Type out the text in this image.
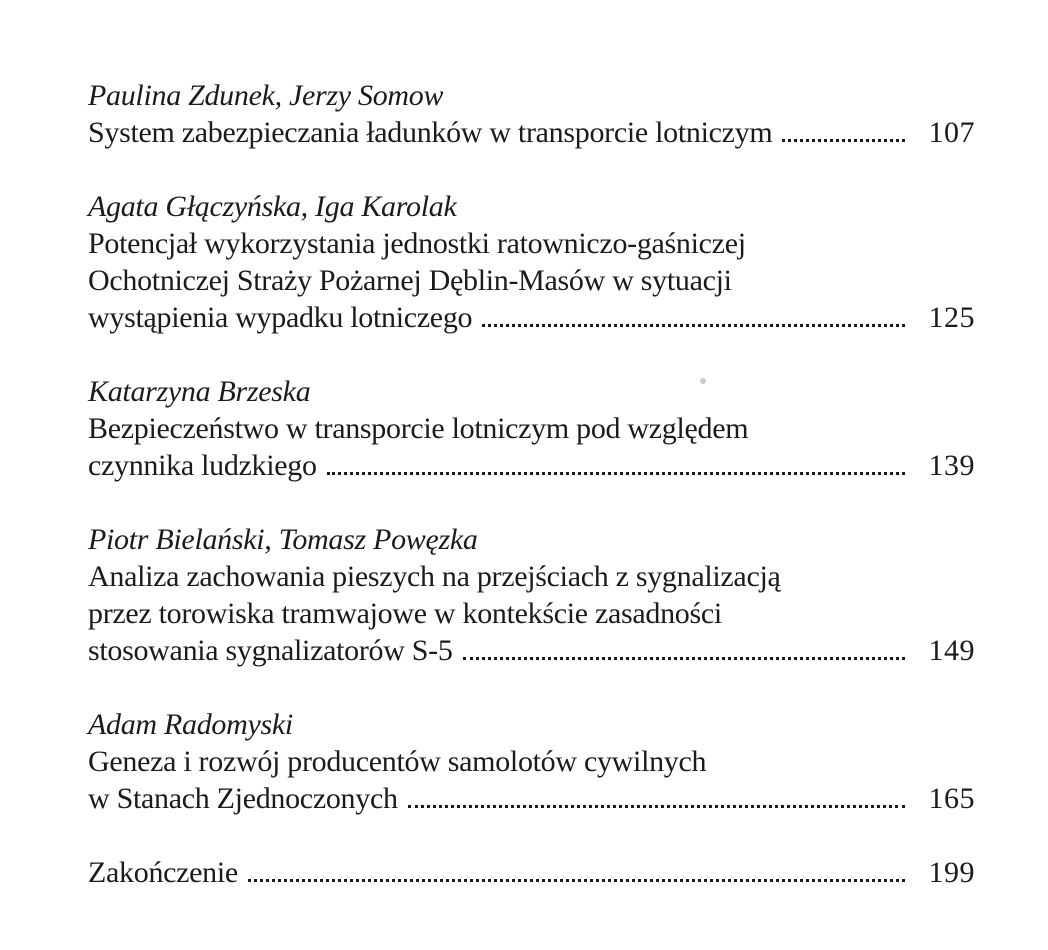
Paulina Zdunek, Jerzy Somow
System zabezpieczania ładunków w transporcie lotniczym	107
Agata Głączyńska, Iga Karolak
Potencjał wykorzystania jednostki ratowniczo-gaśniczej
Ochotniczej Straży Pożarnej Dęblin-Masów w sytuacji
wystąpienia wypadku lotniczego	125
Katarzyna Brzeska
Bezpieczeństwo w transporcie lotniczym pod względem
czynnika ludzkiego	139
Piotr Bielański, Tomasz Powęzka
Analiza zachowania pieszych na przejściach z sygnalizacją
przez torowiska tramwajowe w kontekście zasadności
stosowania sygnalizatorów S-5	149
Adam Radomyski
Geneza i rozwój producentów samolotów cywilnych
w Stanach Zjednoczonych	165
Zakończenie	199
